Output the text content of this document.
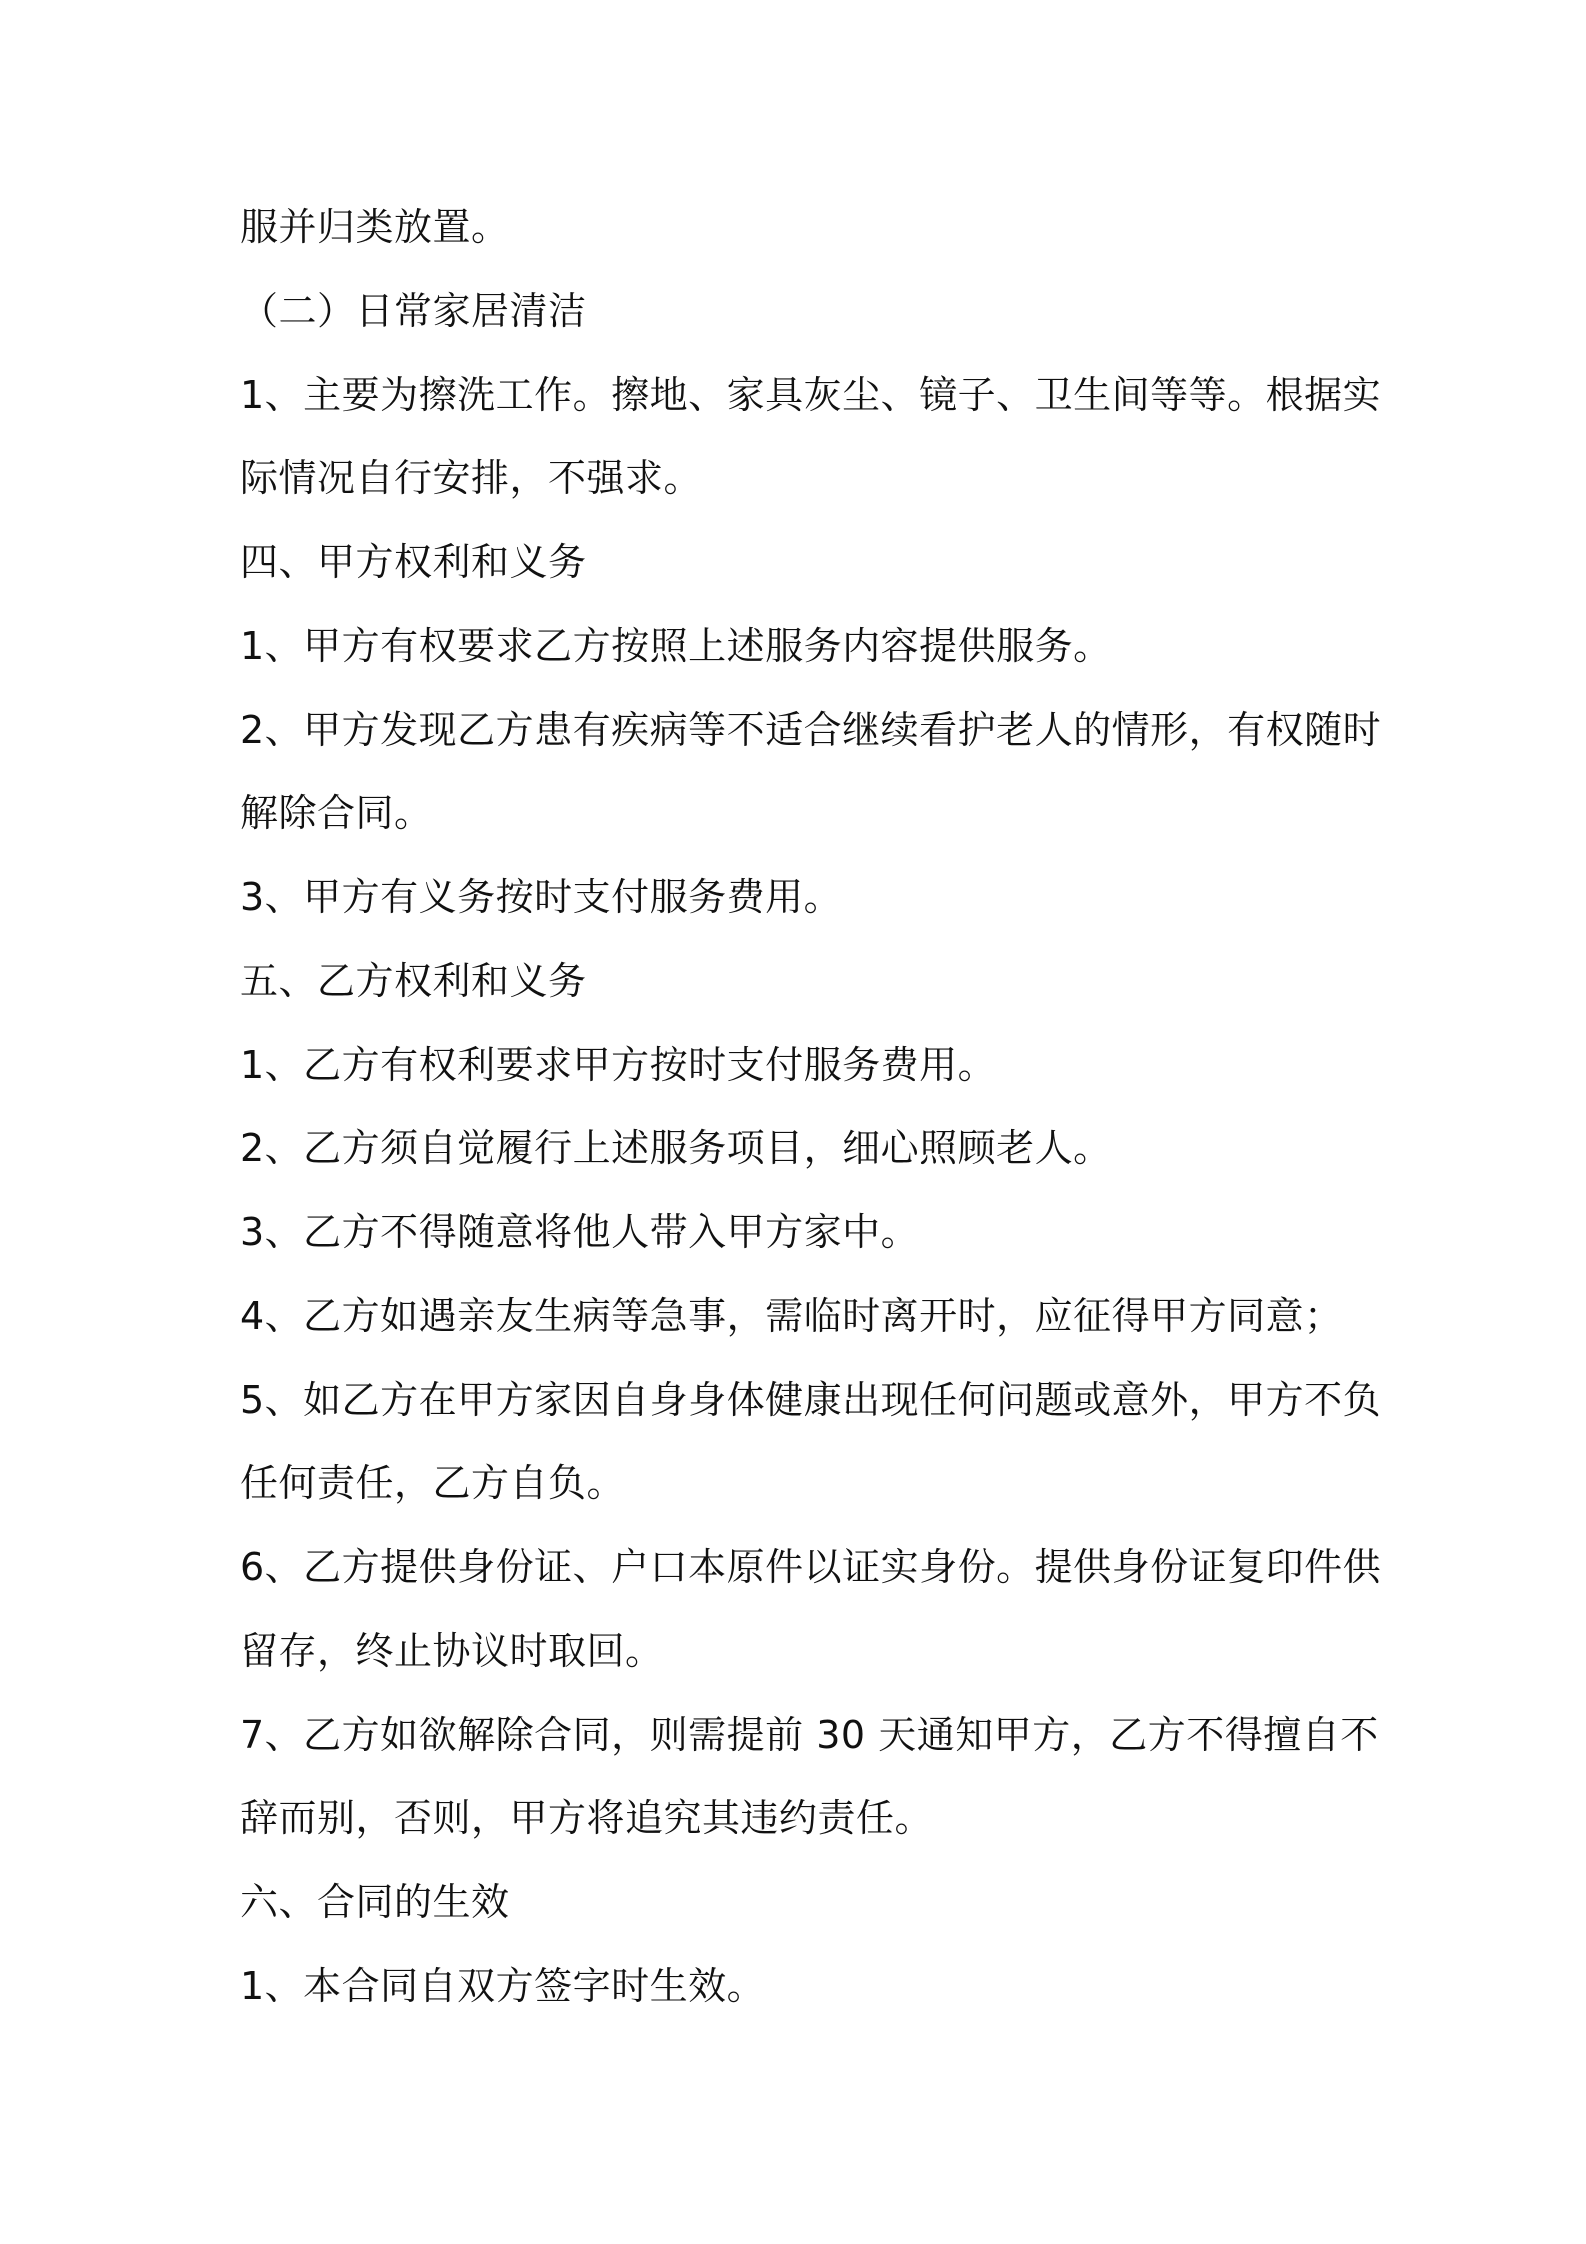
服并归类放置。
（二）日常家居清洁
1、主要为擦洗工作。擦地、家具灰尘、镜子、卫生间等等。根据实
际情况自行安排，不强求。
四、甲方权利和义务
1、甲方有权要求乙方按照上述服务内容提供服务。
2、甲方发现乙方患有疾病等不适合继续看护老人的情形，有权随时
解除合同。
3、甲方有义务按时支付服务费用。
五、乙方权利和义务
1、乙方有权利要求甲方按时支付服务费用。
2、乙方须自觉履行上述服务项目，细心照顾老人。
3、乙方不得随意将他人带入甲方家中。
4、乙方如遇亲友生病等急事，需临时离开时，应征得甲方同意；
5、如乙方在甲方家因自身身体健康出现任何问题或意外，甲方不负
任何责任，乙方自负。
6、乙方提供身份证、户口本原件以证实身份。提供身份证复印件供
留存，终止协议时取回。
7、乙方如欲解除合同，则需提前 30 天通知甲方，乙方不得擅自不
辞而别，否则，甲方将追究其违约责任。
六、合同的生效
1、本合同自双方签字时生效。
